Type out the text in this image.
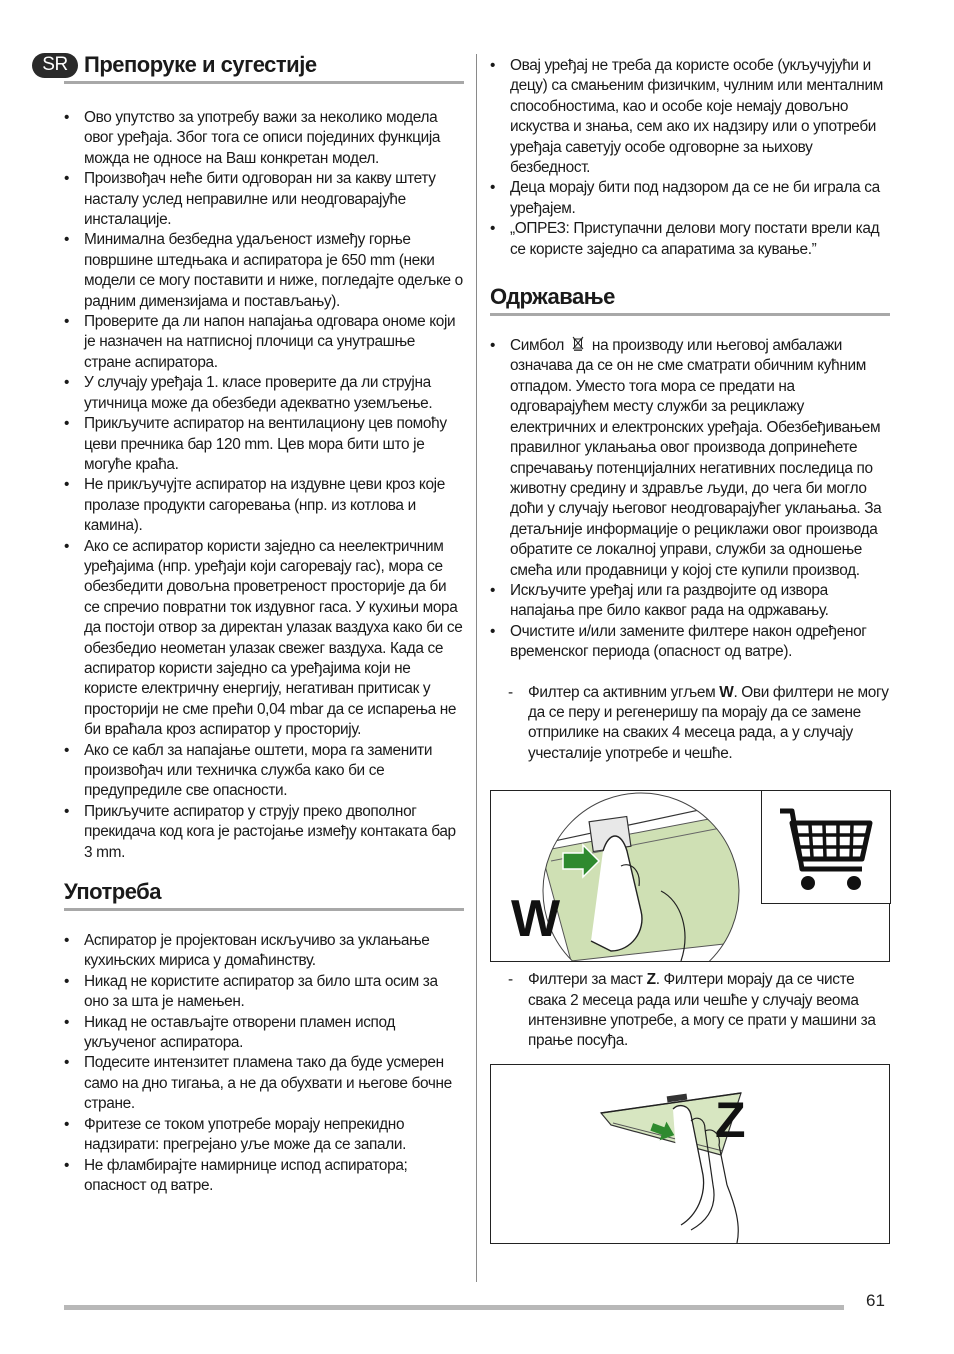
SR Препоруке и сугестије
• Ово упутство за употребу важи за неколико модела овог уређаја. Због тога се описи појединих функција можда не односе на Ваш конкретан модел.
• Произвођач неће бити одговоран ни за какву штету насталу услед неправилне или неодговарајуће инсталације.
• Минимална безбедна удаљеност између горње површине штедњака и аспиратора је 650 mm (неки модели се могу поставити и ниже, погледајте одељке о радним димензијама и постављању).
• Проверите да ли напон напајања одговара ономе који је назначен на натписној плочици са унутрашње стране аспиратора.
• У случају уређаја 1. класе проверите да ли струјна утичница може да обезбеди адекватно уземљење.
• Прикључите аспиратор на вентилациону цев помоћу цеви пречника бар 120 mm. Цев мора бити што је могуће краћа.
• Не прикључујте аспиратор на издувне цеви кроз које пролазе продукти сагоревања (нпр. из котлова и камина).
• Ако се аспиратор користи заједно са неелектричним уређајима (нпр. уређаји који сагоревају гас), мора се обезбедити довољна проветреност просторије да би се спречио повратни ток издувног гаса. У кухињи мора да постоји отвор за директан улазак ваздуха како би се обезбедио неометан улазак свежег ваздуха. Када се аспиратор користи заједно са уређајима који не користе електричну енергију, негативан притисак у просторији не сме прећи 0,04 mbar да се испарења не би враћала кроз аспиратор у просторију.
• Ако се кабл за напајање оштети, мора га заменити произвођач или техничка служба како би се предупредиле све опасности.
• Прикључите аспиратор у струју преко двополног прекидача код кога је растојање између контаката бар 3 mm.
Употреба
• Аспиратор је пројектован искључиво за уклањање кухињских мириса у домаћинству.
• Никад не користите аспиратор за било шта осим за оно за шта је намењен.
• Никад не остављајте отворени пламен испод укљученог аспиратора.
• Подесите интензитет пламена тако да буде усмерен само на дно тигања, а не да обухвати и његове бочне стране.
• Фритезе се током употребе морају непрекидно надзирати: прегрејано уље може да се запали.
• Не фламбирајте намирнице испод аспиратора; опасност од ватре.
• Овај уређај не треба да користе особе (укључујући и децу) са смањеним физичким, чулним или менталним способностима, као и особе које немају довољно искуства и знања, сем ако их надзиру или о употреби уређаја саветују особе одговорне за њихову безбедност.
• Деца морају бити под надзором да се не би играла са уређајем.
• „ОПРЕЗ: Приступачни делови могу постати врели кад се користе заједно са апаратима за кување.”
Одржавање
• Симбол на производу или његовој амбалажи означава да се он не сме сматрати обичним кућним отпадом. Уместо тога мора се предати на одговарајућем месту служби за рециклажу електричних и електронских уређаја. Обезбеђивањем правилног уклањања овог производа допринећете спречавању потенцијалних негативних последица по животну средину и здравље људи, до чега би могло доћи у случају његовог неодговарајућег уклањања. За детаљније информације о рециклажи овог производа обратите се локалној управи, служби за одношење смећа или продавници у којој сте купили производ.
• Искључите уређај или га раздвојите од извора напајања пре било каквог рада на одржавању.
• Очистите и/или замените филтере након одређеног временског периода (опасност од ватре).
- Филтер са активним угљем W. Ови филтери не могу да се перу и регенеришу па морају да се замене отприлике на сваких 4 месеца рада, а у случају учесталије употребе и чешће.
W
- Филтери за маст Z. Филтери морају да се чисте свака 2 месеца рада или чешће у случају веома интензивне употребе, а могу се прати у машини за прање посуђа.
Z
61
